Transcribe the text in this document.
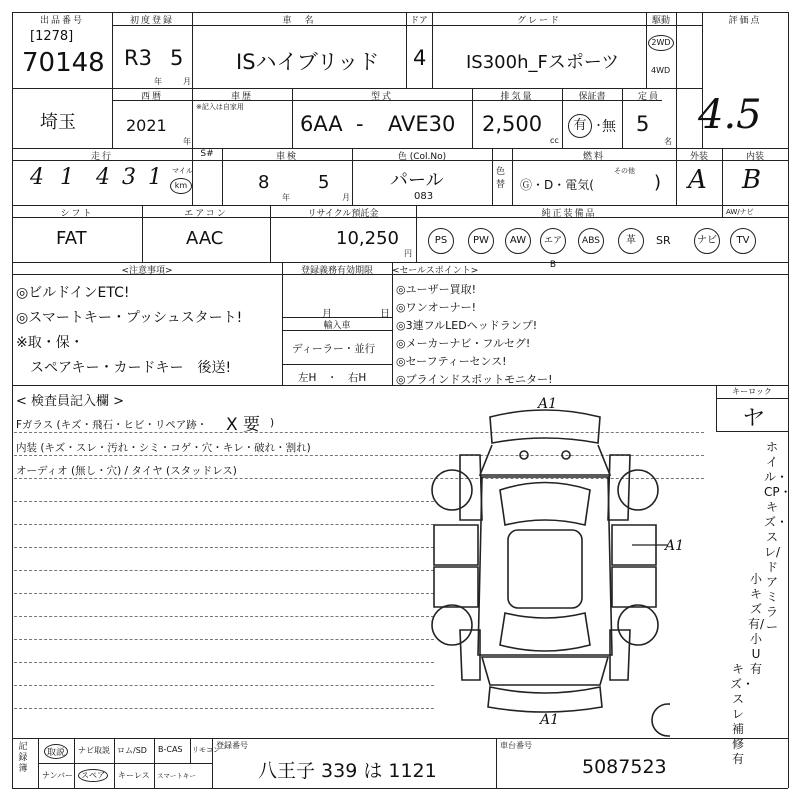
出品番号
[1278]
70148
初度登録
R3 5
年	月
車　名
ISハイブリッド
ドア
4
グレード
IS300h_Fスポーツ
駆動
2WD
4WD
評価点
4.5
埼玉
西暦
2021
年
車歴
※記入は自家用
型式
6AA - AVE30
排気量
2,500
cc
保証書
有 ・
無
定員
5
名
走行
4 1 4 3 1 マイル
km
S#	車検
8
年
5
月
色 (Col.No)
パール
083
色替
燃料
Ⓖ・D・電気(
その他
)
外装	内装
A B
シフト
FAT
エアコン
AAC
リサイクル預託金
10,250
円
純正装備品	AW/ナビ
PS	PW	AW	エアB
ABS	革	SR	ナビ	TV
<注意事項>
◎ビルドインETC!
◎スマートキー・プッシュスタート!
※取・保・
　スペアキー・カードキー　後送!
登録義務有効期限
月	日
輸入車
ディーラー・並行
左H　・　右H
<セールスポイント>
◎ユーザー買取!
◎ワンオーナー!
◎3連フルLEDヘッドランプ!
◎メーカーナビ・フルセグ!
◎セーフティーセンス!
◎ブラインドスポットモニター!
< 検査員記入欄 >
Fガラス (キズ・飛石・ヒビ・リペア跡・ X 要 )
内装 (キズ・スレ・汚れ・シミ・コゲ・穴・キレ・破れ・割れ)
オーディオ (無し・穴) / タイヤ (スタッドレス)
A1
A1
A1
キーロック
ヤ
ホイル・CP・キズ・スレ/ドアミラー
小キズ有/小U有
キズ・スレ補修有
記録簿
取説	ナビ取説 ロム/SD B-CAS リモコン
ナンバー スペア	キーレス スマートキー
登録番号
八王子 339 は 1121
車台番号
5087523
